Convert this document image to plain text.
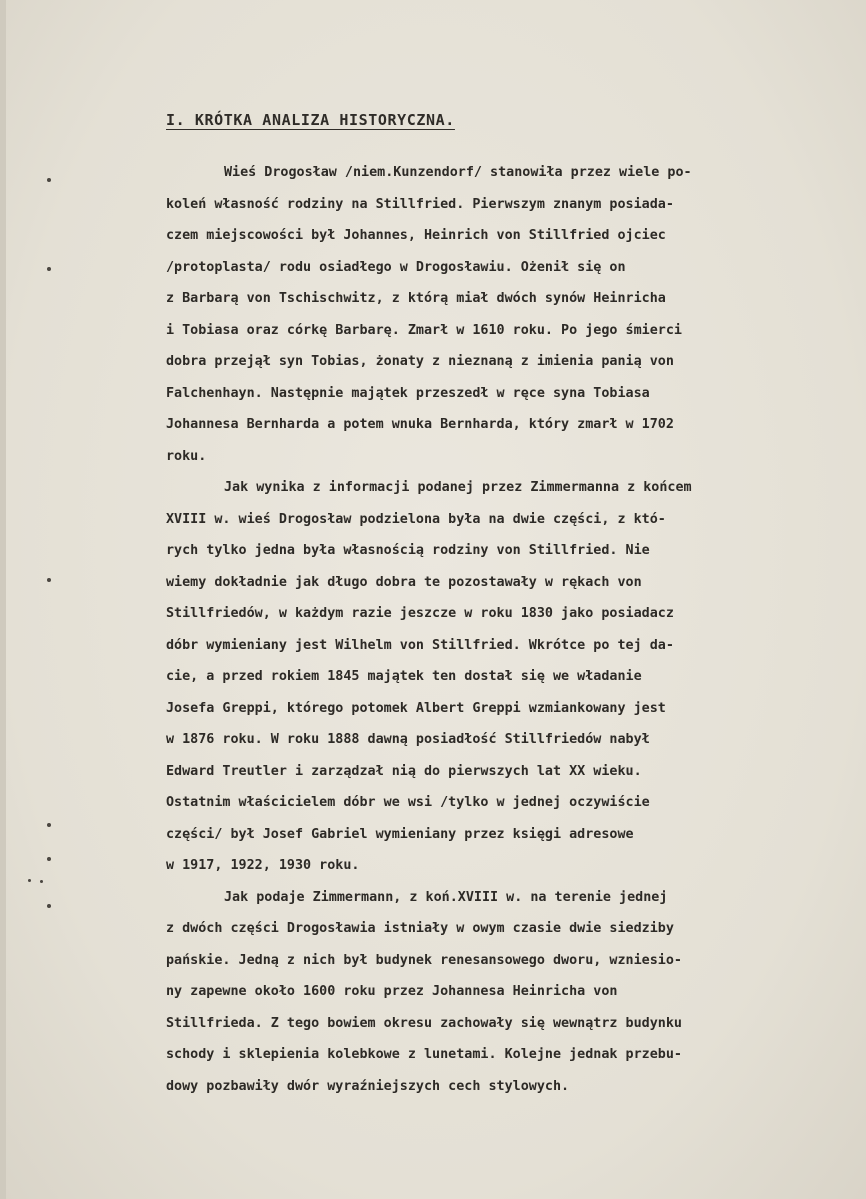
I. KRÓTKA ANALIZA HISTORYCZNA.
Wieś Drogosław /niem.Kunzendorf/ stanowiła przez wiele po-
koleń własność rodziny na Stillfried. Pierwszym znanym posiada-
czem miejscowości był Johannes, Heinrich von Stillfried ojciec
/protoplasta/ rodu osiadłego w Drogosławiu. Ożenił się on
z Barbarą von Tschischwitz, z którą miał dwóch synów Heinricha
i Tobiasa oraz córkę Barbarę. Zmarł w 1610 roku. Po jego śmierci
dobra przejął syn Tobias, żonaty z nieznaną z imienia panią von
Falchenhayn. Następnie majątek przeszedł w ręce syna Tobiasa
Johannesa Bernharda a potem wnuka Bernharda, który zmarł w 1702
roku.
Jak wynika z informacji podanej przez Zimmermanna z końcem
XVIII w. wieś Drogosław podzielona była na dwie części, z któ-
rych tylko jedna była własnością rodziny von Stillfried. Nie
wiemy dokładnie jak długo dobra te pozostawały w rękach von
Stillfriedów, w każdym razie jeszcze w roku 1830 jako posiadacz
dóbr wymieniany jest Wilhelm von Stillfried. Wkrótce po tej da-
cie, a przed rokiem 1845 majątek ten dostał się we władanie
Josefa Greppi, którego potomek Albert Greppi wzmiankowany jest
w 1876 roku. W roku 1888 dawną posiadłość Stillfriedów nabył
Edward Treutler i zarządzał nią do pierwszych lat XX wieku.
Ostatnim właścicielem dóbr we wsi /tylko w jednej oczywiście
części/ był Josef Gabriel wymieniany przez księgi adresowe
w 1917, 1922, 1930 roku.
Jak podaje Zimmermann, z koń.XVIII w. na terenie jednej
z dwóch części Drogosławia istniały w owym czasie dwie siedziby
pańskie. Jedną z nich był budynek renesansowego dworu, wzniesio-
ny zapewne około 1600 roku przez Johannesa Heinricha von
Stillfrieda. Z tego bowiem okresu zachowały się wewnątrz budynku
schody i sklepienia kolebkowe z lunetami. Kolejne jednak przebu-
dowy pozbawiły dwór wyraźniejszych cech stylowych.
